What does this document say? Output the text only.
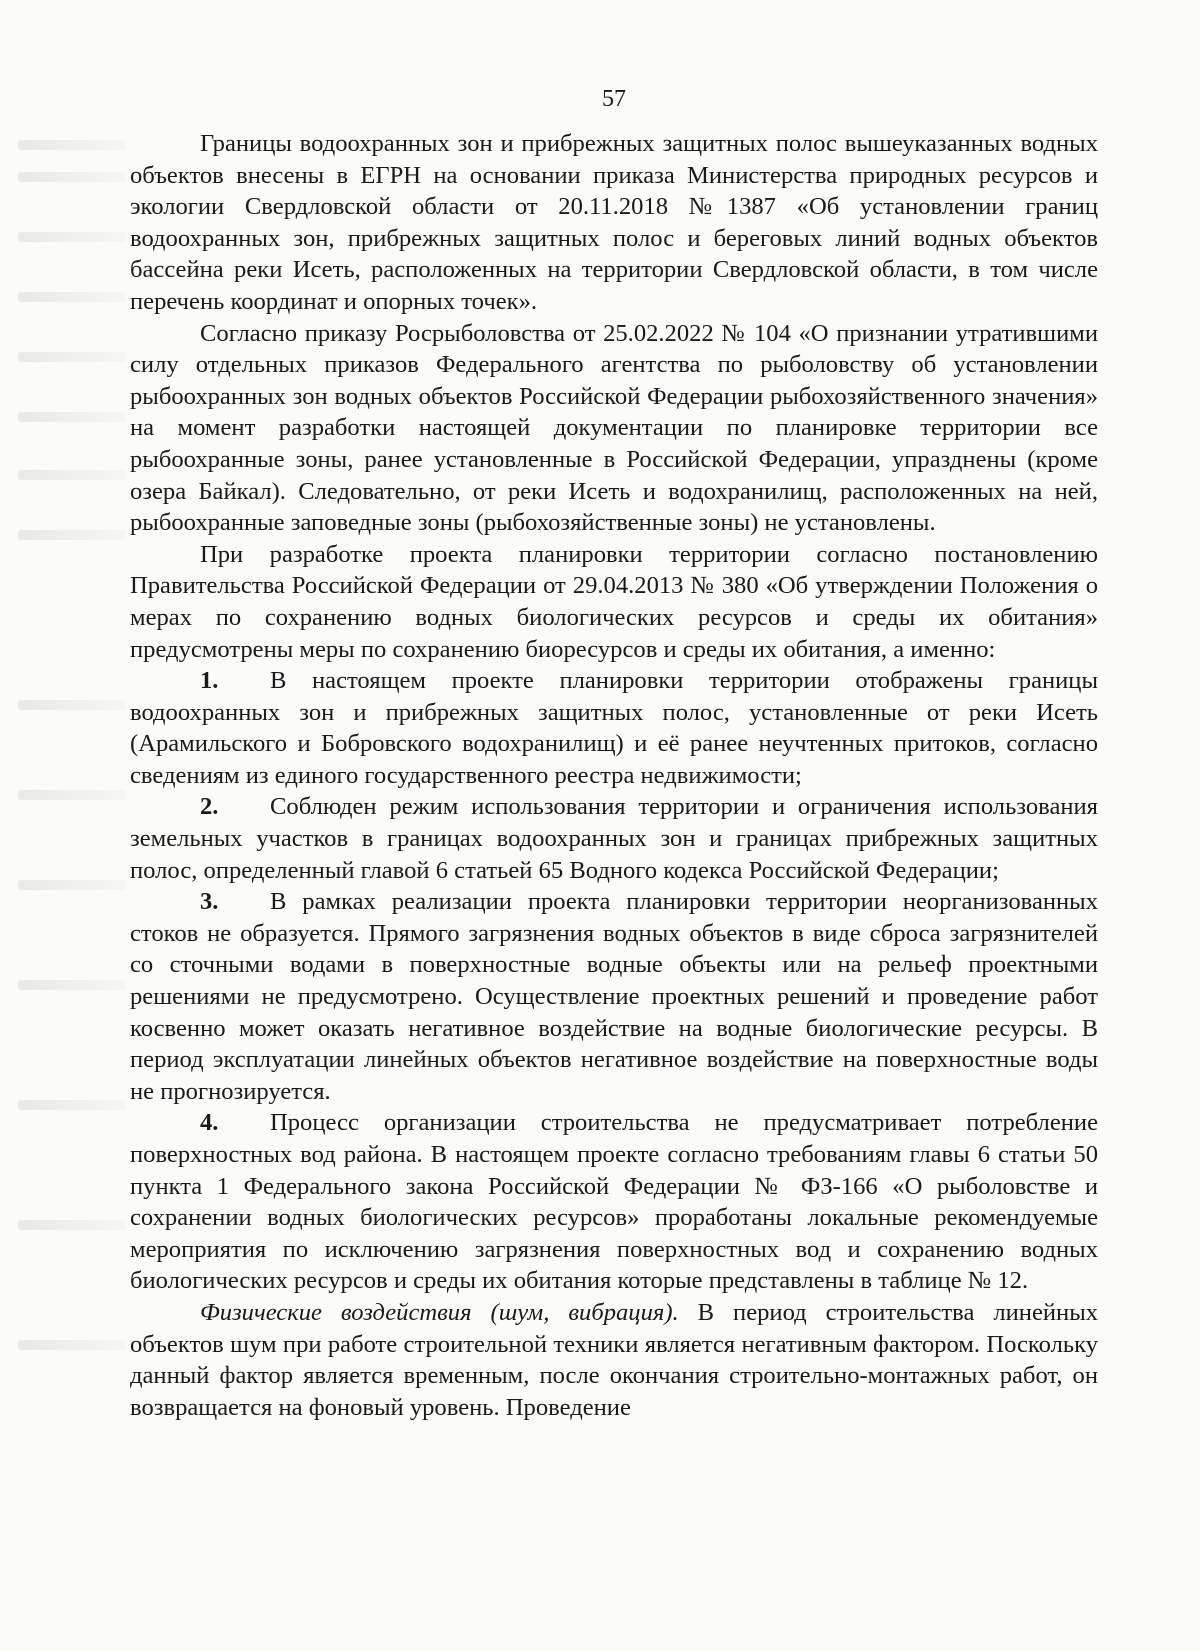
57

Границы водоохранных зон и прибрежных защитных полос вышеуказанных водных объектов внесены в ЕГРН на основании приказа Министерства природных ресурсов и экологии Свердловской области от 20.11.2018 №1387 «Об установлении границ водоохранных зон, прибрежных защитных полос и береговых линий водных объектов бассейна реки Исеть, расположенных на территории Свердловской области, в том числе перечень координат и опорных точек».

Согласно приказу Росрыболовства от 25.02.2022 № 104 «О признании утратившими силу отдельных приказов Федерального агентства по рыболовству об установлении рыбоохранных зон водных объектов Российской Федерации рыбохозяйственного значения» на момент разработки настоящей документации по планировке территории все рыбоохранные зоны, ранее установленные в Российской Федерации, упразднены (кроме озера Байкал). Следовательно, от реки Исеть и водохранилищ, расположенных на ней, рыбоохранные заповедные зоны (рыбохозяйственные зоны) не установлены.

При разработке проекта планировки территории согласно постановлению Правительства Российской Федерации от 29.04.2013 № 380 «Об утверждении Положения о мерах по сохранению водных биологических ресурсов и среды их обитания» предусмотрены меры по сохранению биоресурсов и среды их обитания, а именно:

1. В настоящем проекте планировки территории отображены границы водоохранных зон и прибрежных защитных полос, установленные от реки Исеть (Арамильского и Бобровского водохранилищ) и её ранее неучтенных притоков, согласно сведениям из единого государственного реестра недвижимости;

2. Соблюден режим использования территории и ограничения использования земельных участков в границах водоохранных зон и границах прибрежных защитных полос, определенный главой 6 статьей 65 Водного кодекса Российской Федерации;

3. В рамках реализации проекта планировки территории неорганизованных стоков не образуется. Прямого загрязнения водных объектов в виде сброса загрязнителей со сточными водами в поверхностные водные объекты или на рельеф проектными решениями не предусмотрено. Осуществление проектных решений и проведение работ косвенно может оказать негативное воздействие на водные биологические ресурсы. В период эксплуатации линейных объектов негативное воздействие на поверхностные воды не прогнозируется.

4. Процесс организации строительства не предусматривает потребление поверхностных вод района. В настоящем проекте согласно требованиям главы 6 статьи 50 пункта 1 Федерального закона Российской Федерации № ФЗ-166 «О рыболовстве и сохранении водных биологических ресурсов» проработаны локальные рекомендуемые мероприятия по исключению загрязнения поверхностных вод и сохранению водных биологических ресурсов и среды их обитания которые представлены в таблице № 12.

Физические воздействия (шум, вибрация). В период строительства линейных объектов шум при работе строительной техники является негативным фактором. Поскольку данный фактор является временным, после окончания строительно-монтажных работ, он возвращается на фоновый уровень. Проведение
